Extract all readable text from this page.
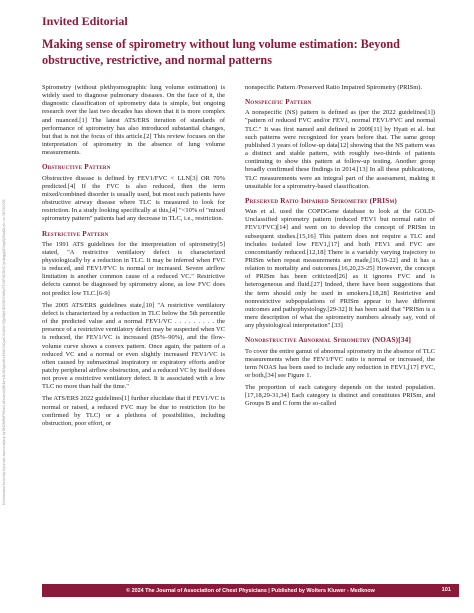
Downloaded from http://journals.lww.com/jacp by BhDMf5ePHKav1zEoum1tQfN4a+kJLhEZgbsIHo4XMi0hCywCX1AWnYQp/IlQrHD3i3D0OdRyi7TvSFl4Cf3VC1y0abggQZXdgGj2MwlZLeI= on 09/13/2025
Invited Editorial
Making sense of spirometry without lung volume estimation: Beyond obstructive, restrictive, and normal patterns

Spirometry (without plethysmographic lung volume estimation) is widely used to diagnose pulmonary diseases. On the face of it, the diagnostic classification of spirometry data is simple, but ongoing research over the last two decades has shown that it is more complex and nuanced.[1] The latest ATS/ERS iteration of standards of performance of spirometry has also introduced substantial changes, but that is not the focus of this article.[2] This review focuses on the interpretation of spirometry in the absence of lung volume measurements.

Obstructive Pattern

Obstructive disease is defined by FEV1/FVC < LLN[3] OR 70% predicted.[4] If the FVC is also reduced, then the term mixed/combined disorder is usually used, but most such patients have obstructive airway disease where TLC is measured to look for restriction. In a study looking specifically at this,[4] "<10% of "mixed spirometry pattern" patients had any decrease in TLC, i.e., restriction.

Restrictive Pattern

The 1991 ATS guidelines for the interpretation of spirometry[5] stated, "A restrictive ventilatory defect is characterized physiologically by a reduction in TLC. It may be inferred when FVC is reduced, and FEV1/FVC is normal or increased. Severe airflow limitation is another common cause of a reduced VC." Restrictive defects cannot be diagnosed by spirometry alone, as low FVC does not predict low TLC.[6-9]

The 2005 ATS/ERS guidelines state,[10] "A restrictive ventilatory defect is characterized by a reduction in TLC below the 5th percentile of the predicted value and a normal FEV1/VC . . . . . . . . . the presence of a restrictive ventilatory defect may be suspected when VC is reduced, the FEV1/VC is increased (85%–90%), and the flow-volume curve shows a convex pattern. Once again, the pattern of a reduced VC and a normal or even slightly increased FEV1/VC is often caused by submaximal inspiratory or expiratory efforts and/or patchy peripheral airflow obstruction, and a reduced VC by itself does not prove a restrictive ventilatory defect. It is associated with a low TLC no more than half the time."

The ATS/ERS 2022 guidelines[1] further elucidate that if FEV1/VC is normal or raised, a reduced FVC may be due to restriction (to be confirmed by TLC) or a plethora of possibilities, including obstruction, poor effort, or

nonspecific Pattern /Preserved Ratio Impaired Spirometry (PRISm).

Nonspecific Pattern

A nonspecific (NS) pattern is defined as (per the 2022 guidelines[1]) "pattern of reduced FVC and/or FEV1, normal FEV1/FVC and normal TLC." It was first named and defined in 2009[11] by Hyatt et al. but such patterns were recognized for years before that. The same group published 3 years of follow-up data[12] showing that the NS pattern was a distinct and stable pattern, with roughly two-thirds of patients continuing to show this pattern at follow-up testing. Another group broadly confirmed these findings in 2014.[13] In all these publications, TLC measurements were an integral part of the assessment, making it unsuitable for a spirometry-based classification.

Preserved Ratio Impaired Spirometry (PRISm)

Wan et al. used the COPDGene database to look at the GOLD-Unclassified spirometry pattern (reduced FEV1 but normal ratio of FEV1/FVC)[14] and went on to develop the concept of PRISm in subsequent studies.[15,16] This pattern does not require a TLC and includes isolated low FEV1,[17] and both FEV1 and FVC are concomitantly reduced.[12,18] There is a variably varying trajectory to PRISm when repeat measurements are made,[16,19-22] and it has a relation to mortality and outcomes.[16,20,23-25] However, the concept of PRISm has been criticized[26] as it ignores FVC and is heterogeneous and fluid.[27] Indeed, there have been suggestions that the term should only be used in smokers.[18,28] Restrictive and nonrestrictive subpopulations of PRISm appear to have different outcomes and pathophysiology.[29-32] It has been said that "PRISm is a mere description of what the spirometry numbers already say, void of any physiological interpretation".[33]

Nonobstructive Abnormal Spirometry (NOAS)[34]

To cover the entire gamut of abnormal spirometry in the absence of TLC measurements when the FEV1/FVC ratio is normal or increased, the term NOAS has been used to include any reduction in FEV1,[17] FVC, or both,[34] see Figure 1.

The proportion of each category depends on the tested population.[17,18,29-31,34] Each category is distinct and constitutes PRISm, and Groups B and C form the so-called

© 2024 The Journal of Association of Chest Physicians | Published by Wolters Kluwer - Medknow	101
